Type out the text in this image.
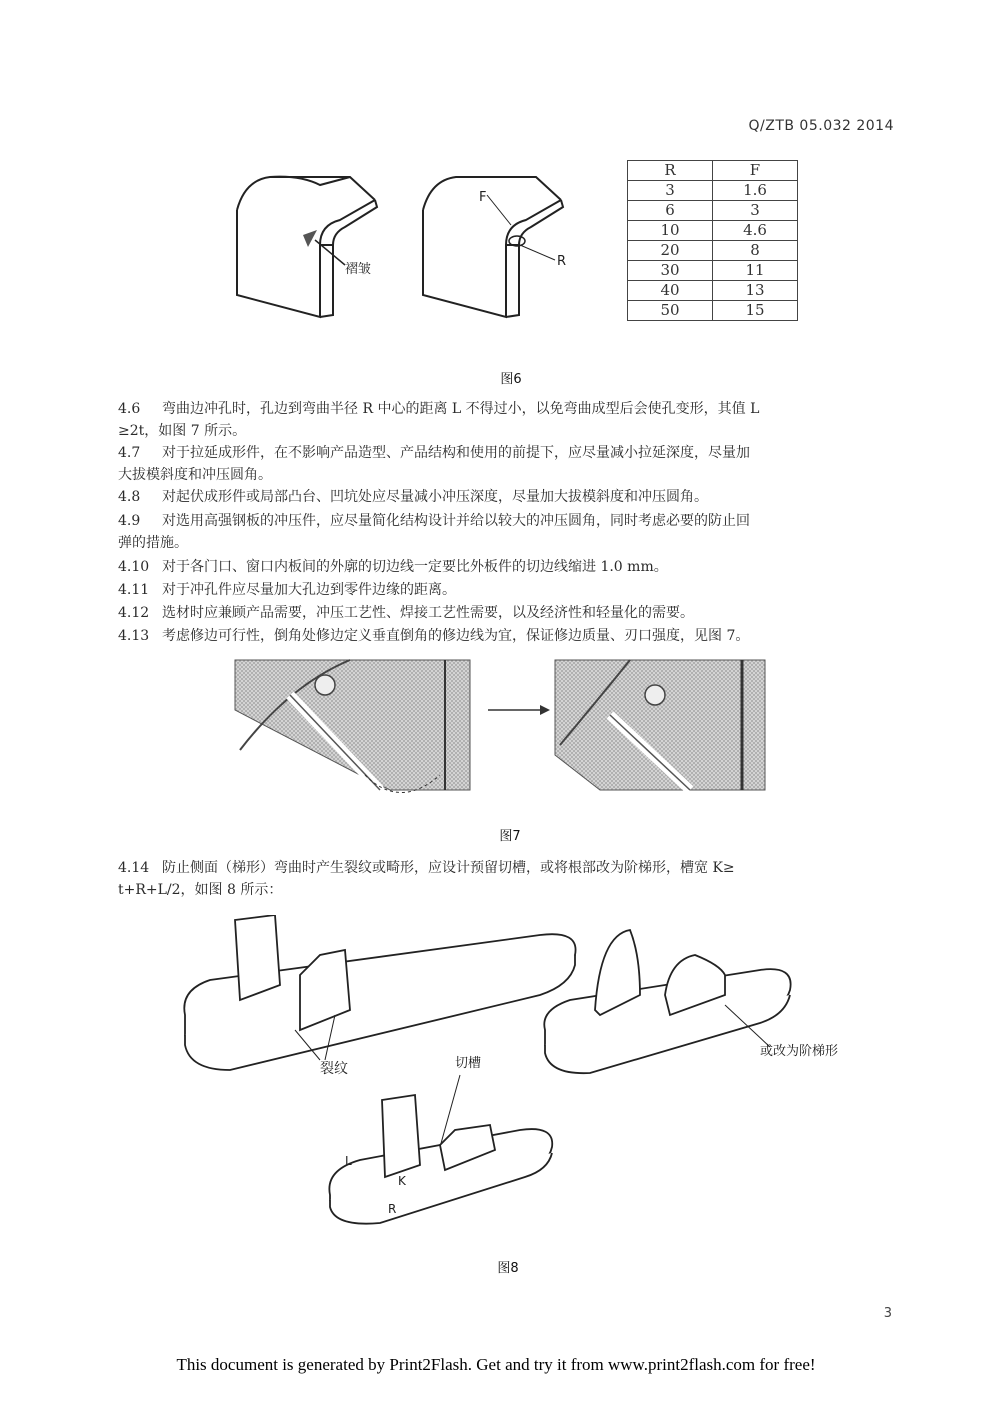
Q/ZTB 05.032 2014
褶皱
F
R
R	F
3	1.6
6	3
10	4.6
20	8
30	11
40	13
50	15
图6
4.6 弯曲边冲孔时，孔边到弯曲半径 R 中心的距离 L 不得过小，以免弯曲成型后会使孔变形，其值 L
≥2t，如图 7 所示。
4.7 对于拉延成形件，在不影响产品造型、产品结构和使用的前提下，应尽量减小拉延深度，尽量加
大拔模斜度和冲压圆角。
4.8 对起伏成形件或局部凸台、凹坑处应尽量减小冲压深度，尽量加大拔模斜度和冲压圆角。
4.9 对选用高强钢板的冲压件，应尽量简化结构设计并给以较大的冲压圆角，同时考虑必要的防止回
弹的措施。
4.10 对于各门口、窗口内板间的外廓的切边线一定要比外板件的切边线缩进 1.0 mm。
4.11 对于冲孔件应尽量加大孔边到零件边缘的距离。
4.12 选材时应兼顾产品需要，冲压工艺性、焊接工艺性需要，以及经济性和轻量化的需要。
4.13 考虑修边可行性，倒角处修边定义垂直倒角的修边线为宜，保证修边质量、刃口强度，见图 7。
图7
4.14 防止侧面（梯形）弯曲时产生裂纹或畸形，应设计预留切槽，或将根部改为阶梯形，槽宽 K≥
t+R+L/2，如图 8 所示：
裂纹
或改为阶梯形
切槽
L
K
R
图8
3
This document is generated by Print2Flash. Get and try it from www.print2flash.com for free!
